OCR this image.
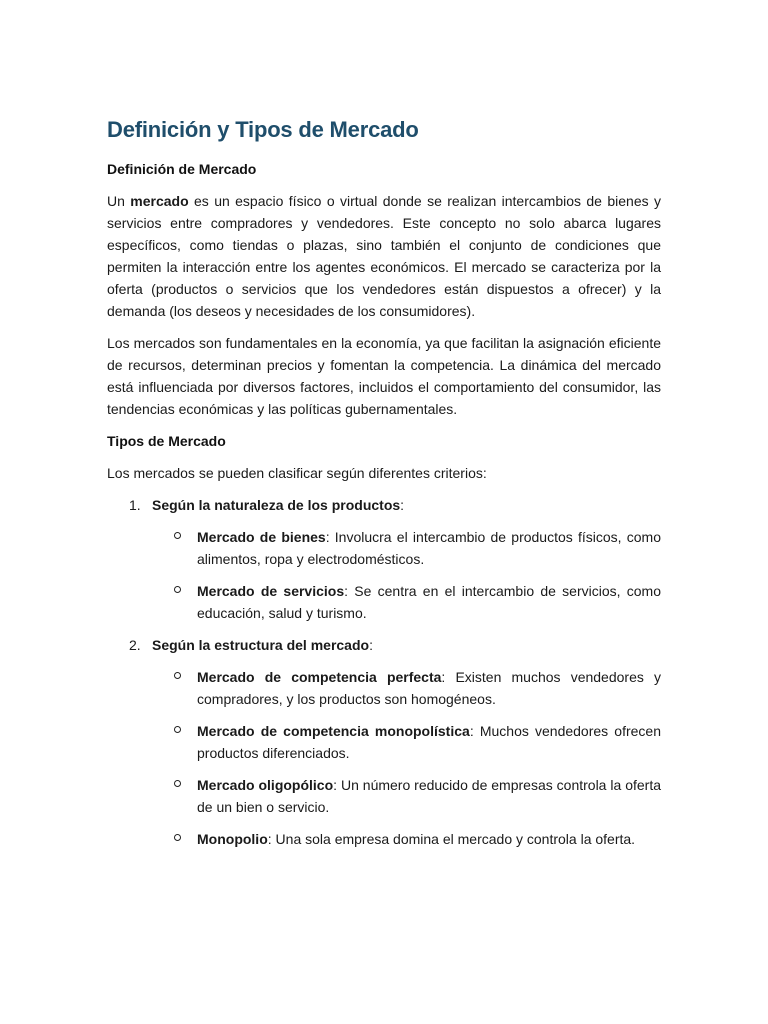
Definición y Tipos de Mercado
Definición de Mercado

Un mercado es un espacio físico o virtual donde se realizan intercambios de bienes y servicios entre compradores y vendedores. Este concepto no solo abarca lugares específicos, como tiendas o plazas, sino también el conjunto de condiciones que permiten la interacción entre los agentes económicos. El mercado se caracteriza por la oferta (productos o servicios que los vendedores están dispuestos a ofrecer) y la demanda (los deseos y necesidades de los consumidores).

Los mercados son fundamentales en la economía, ya que facilitan la asignación eficiente de recursos, determinan precios y fomentan la competencia. La dinámica del mercado está influenciada por diversos factores, incluidos el comportamiento del consumidor, las tendencias económicas y las políticas gubernamentales.

Tipos de Mercado

Los mercados se pueden clasificar según diferentes criterios:

1. Según la naturaleza de los productos:
Mercado de bienes: Involucra el intercambio de productos físicos, como alimentos, ropa y electrodomésticos.
Mercado de servicios: Se centra en el intercambio de servicios, como educación, salud y turismo.
2. Según la estructura del mercado:
Mercado de competencia perfecta: Existen muchos vendedores y compradores, y los productos son homogéneos.
Mercado de competencia monopolística: Muchos vendedores ofrecen productos diferenciados.
Mercado oligopólico: Un número reducido de empresas controla la oferta de un bien o servicio.
Monopolio: Una sola empresa domina el mercado y controla la oferta.
